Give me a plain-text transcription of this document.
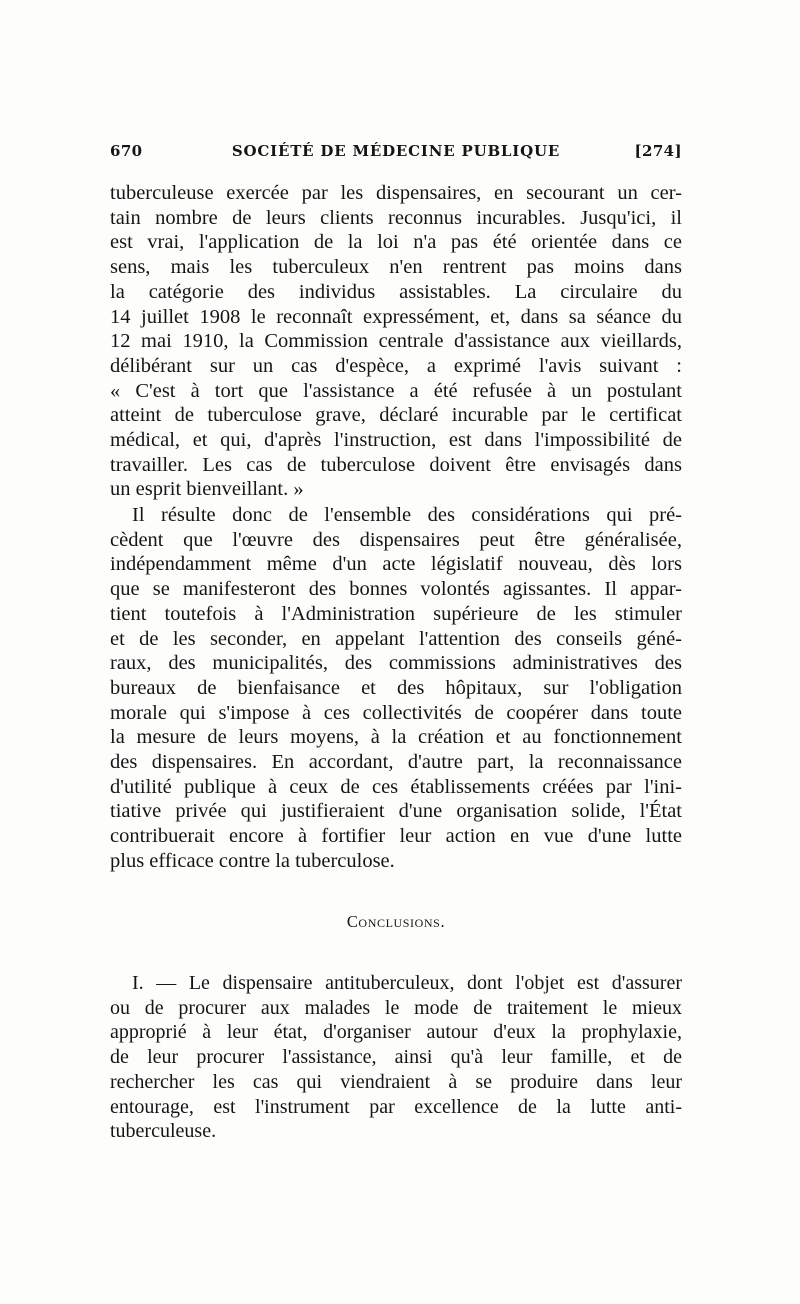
670	SOCIÉTÉ DE MÉDECINE PUBLIQUE	[274]
tuberculeuse exercée par les dispensaires, en secourant un cer-
tain nombre de leurs clients reconnus incurables. Jusqu'ici, il
est vrai, l'application de la loi n'a pas été orientée dans ce
sens, mais les tuberculeux n'en rentrent pas moins dans
la catégorie des individus assistables. La circulaire du
14 juillet 1908 le reconnaît expressément, et, dans sa séance du
12 mai 1910, la Commission centrale d'assistance aux vieillards,
délibérant sur un cas d'espèce, a exprimé l'avis suivant :
« C'est à tort que l'assistance a été refusée à un postulant
atteint de tuberculose grave, déclaré incurable par le certificat
médical, et qui, d'après l'instruction, est dans l'impossibilité de
travailler. Les cas de tuberculose doivent être envisagés dans
un esprit bienveillant. »
Il résulte donc de l'ensemble des considérations qui pré-
cèdent que l'œuvre des dispensaires peut être généralisée,
indépendamment même d'un acte législatif nouveau, dès lors
que se manifesteront des bonnes volontés agissantes. Il appar-
tient toutefois à l'Administration supérieure de les stimuler
et de les seconder, en appelant l'attention des conseils géné-
raux, des municipalités, des commissions administratives des
bureaux de bienfaisance et des hôpitaux, sur l'obligation
morale qui s'impose à ces collectivités de coopérer dans toute
la mesure de leurs moyens, à la création et au fonctionnement
des dispensaires. En accordant, d'autre part, la reconnaissance
d'utilité publique à ceux de ces établissements créées par l'ini-
tiative privée qui justifieraient d'une organisation solide, l'État
contribuerait encore à fortifier leur action en vue d'une lutte
plus efficace contre la tuberculose.
Conclusions.
I. — Le dispensaire antituberculeux, dont l'objet est d'assurer
ou de procurer aux malades le mode de traitement le mieux
approprié à leur état, d'organiser autour d'eux la prophylaxie,
de leur procurer l'assistance, ainsi qu'à leur famille, et de
rechercher les cas qui viendraient à se produire dans leur
entourage, est l'instrument par excellence de la lutte anti-
tuberculeuse.
